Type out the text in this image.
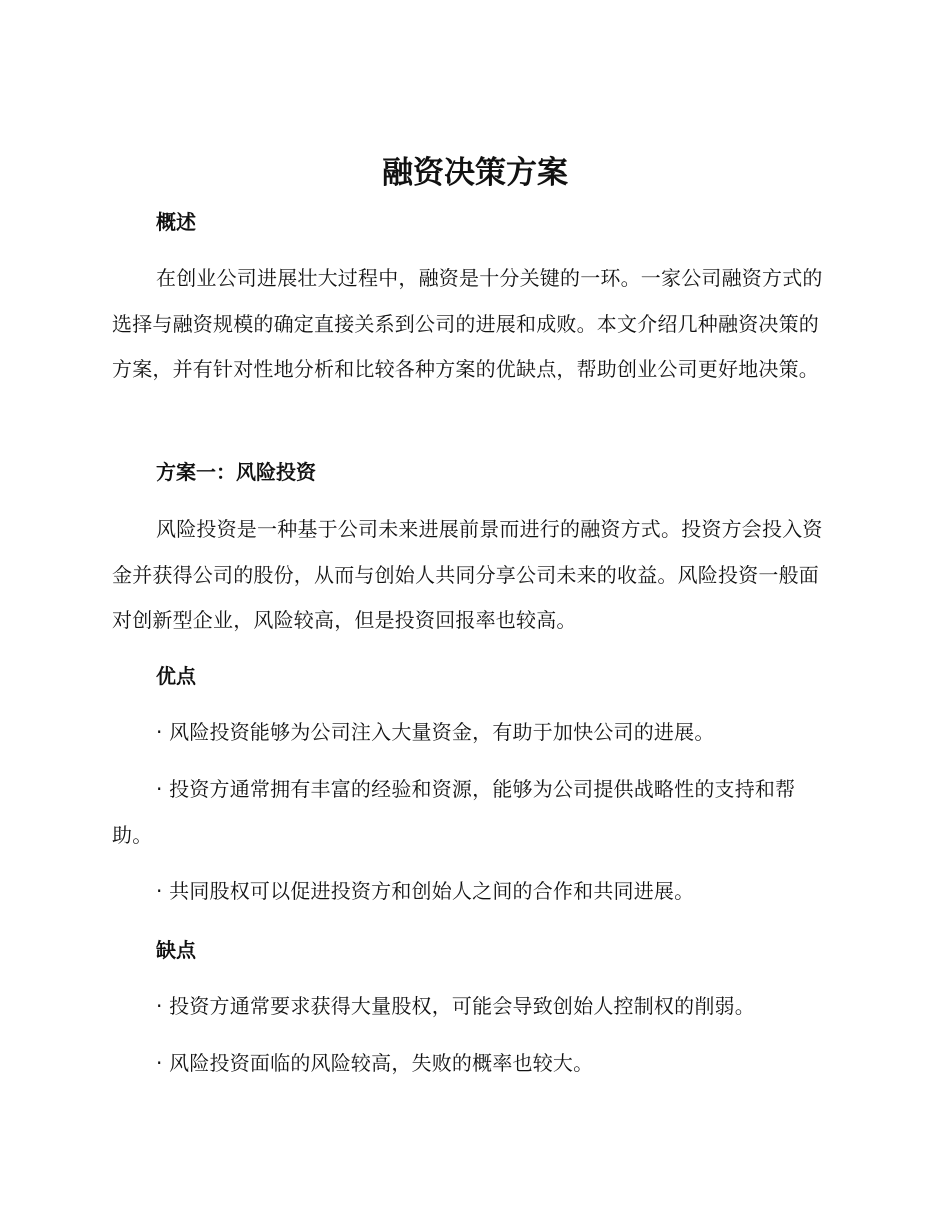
融资决策方案
概述

在创业公司进展壮大过程中，融资是十分关键的一环。一家公司融资方式的选择与融资规模的确定直接关系到公司的进展和成败。本文介绍几种融资决策的方案，并有针对性地分析和比较各种方案的优缺点，帮助创业公司更好地决策。

方案一：风险投资

风险投资是一种基于公司未来进展前景而进行的融资方式。投资方会投入资金并获得公司的股份，从而与创始人共同分享公司未来的收益。风险投资一般面对创新型企业，风险较高，但是投资回报率也较高。

优点

· 风险投资能够为公司注入大量资金，有助于加快公司的进展。

· 投资方通常拥有丰富的经验和资源，能够为公司提供战略性的支持和帮助。

· 共同股权可以促进投资方和创始人之间的合作和共同进展。

缺点

· 投资方通常要求获得大量股权，可能会导致创始人控制权的削弱。

· 风险投资面临的风险较高，失败的概率也较大。
